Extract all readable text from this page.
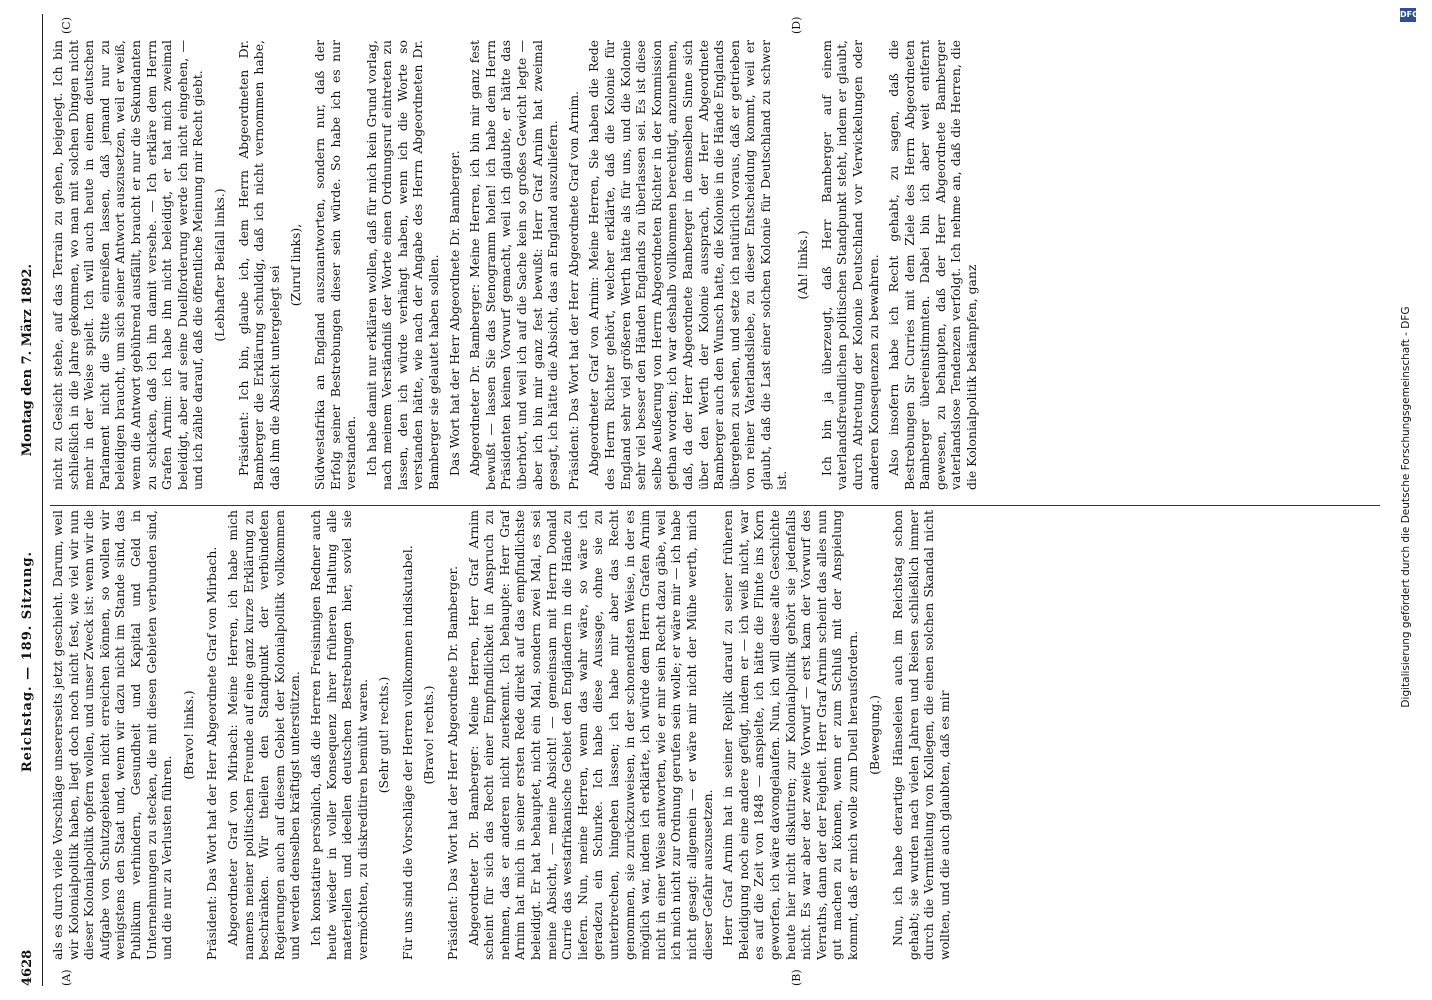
4628
Reichstag. — 189. Sitzung.
Montag den 7. März 1892.
(A)	(B)
(C)	(D)

als es durch viele Vorschläge unsererseits jetzt geschieht. Darum, weil wir Kolonialpolitik haben, liegt doch noch nicht fest, wie viel wir nun dieser Kolonialpolitik opfern wollen, und unser Zweck ist: wenn wir die Aufgabe von Schutzgebieten nicht erreichen können, so wollen wir wenigstens den Staat und, wenn wir dazu nicht im Stande sind, das Publikum verhindern, Gesundheit und Kapital und Geld in Unternehmungen zu stecken, die mit diesen Gebieten verbunden sind, und die nur zu Verlusten führen.

(Bravo! links.) Präsident: Das Wort hat der Herr Abgeordnete Graf von Mirbach. Abgeordneter Graf von Mirbach: Meine Herren, ich habe mich namens meiner politischen Freunde auf eine ganz kurze Erklärung zu beschränken. Wir theilen den Standpunkt der verbündeten Regierungen auch auf diesem Gebiet der Kolonialpolitik vollkommen und werden denselben kräftigst unterstützen. Ich konstatire persönlich, daß die Herren Freisinnigen Redner auch heute wieder in voller Konsequenz ihrer früheren Haltung alle materiellen und ideellen deutschen Bestrebungen hier, soviel sie vermöchten, zu diskreditiren bemüht waren. (Sehr gut! rechts.) Für uns sind die Vorschläge der Herren vollkommen indiskutabel. (Bravo! rechts.) Präsident: Das Wort hat der Herr Abgeordnete Dr. Bamberger. Abgeordneter Dr. Bamberger: Meine Herren, Herr Graf Arnim scheint für sich das Recht einer Empfindlichkeit in Anspruch zu nehmen, das er anderen nicht zuerkennt. Ich behaupte: Herr Graf Arnim hat mich in seiner ersten Rede direkt auf das empfindlichste beleidigt. Er hat behauptet, nicht ein Mal, sondern zwei Mal, es sei meine Absicht, — meine Absicht! — gemeinsam mit Herrn Donald Currie das westafrikanische Gebiet den Engländern in die Hände zu liefern. Nun, meine Herren, wenn das wahr wäre, so wäre ich geradezu ein Schurke. Ich habe diese Aussage, ohne sie zu unterbrechen, hingehen lassen; ich habe mir aber das Recht genommen, sie zurückzuweisen, in der schonendsten Weise, in der es möglich war, indem ich erklärte, ich würde dem Herrn Grafen Arnim nicht in einer Weise antworten, wie er mir sein Recht dazu gäbe, weil ich mich nicht zur Ordnung gerufen sein wolle; er wäre mir — ich habe nicht gesagt: allgemein — er wäre mir nicht der Mühe werth, mich dieser Gefahr auszusetzen. Herr Graf Arnim hat in seiner Replik darauf zu seiner früheren Beleidigung noch eine andere gefügt, indem er — ich weiß nicht, war es auf die Zeit von 1848 — anspielte, ich hätte die Flinte ins Korn geworfen, ich wäre davongelaufen. Nun, ich will diese alte Geschichte heute hier nicht diskutiren; zur Kolonialpolitik gehört sie jedenfalls nicht. Es war aber der zweite Vorwurf — erst kam der Vorwurf des Verraths, dann der der Feigheit. Herr Graf Arnim scheint das alles nun gut machen zu können, wenn er zum Schluß mit der Anspielung kommt, daß er mich wolle zum Duell herausfordern. (Bewegung.) Nun, ich habe derartige Hänseleien auch im Reichstag schon gehabt; sie wurden nach vielen Jahren und Reisen schließlich immer durch die Vermittelung von Kollegen, die einen solchen Skandal nicht wollten, und die auch glaubten, daß es mir

nicht zu Gesicht stehe, auf das Terrain zu gehen, beigelegt. Ich bin schließlich in die Jahre gekommen, wo man mit solchen Dingen nicht mehr in der Weise spielt. Ich will auch heute in einem deutschen Parlament nicht die Sitte einreißen lassen, daß jemand nur zu beleidigen braucht, um sich seiner Antwort auszusetzen, weil er weiß, wenn die Antwort gebührend ausfällt, braucht er nur die Sekundanten zu schicken, daß ich ihn damit versehe. — Ich erkläre dem Herrn Grafen Arnim: ich habe ihn nicht beleidigt, er hat mich zweimal beleidigt, aber auf seine Duellforderung werde ich nicht eingehen, — und ich zähle darauf, daß die öffentliche Meinung mir Recht giebt. (Lebhafter Beifall links.) Präsident: Ich bin, glaube ich, dem Herrn Abgeordneten Dr. Bamberger die Erklärung schuldig, daß ich nicht vernommen habe, daß ihm die Absicht untergelegt sei

(Zuruf links), Südwestafrika an England auszuantworten, sondern nur, daß der Erfolg seiner Bestrebungen dieser sein würde. So habe ich es nur verstanden. Ich habe damit nur erklären wollen, daß für mich kein Grund vorlag, nach meinem Verständniß der Worte einen Ordnungsruf eintreten zu lassen, den ich würde verhängt haben, wenn ich die Worte so verstanden hätte, wie nach der Angabe des Herrn Abgeordneten Dr. Bamberger sie gelautet haben sollen. Das Wort hat der Herr Abgeordnete Dr. Bamberger. Abgeordneter Dr. Bamberger: Meine Herren, ich bin mir ganz fest bewußt — lassen Sie das Stenogramm holen! ich habe dem Herrn Präsidenten keinen Vorwurf gemacht, weil ich glaubte, er hätte das überhört, und weil ich auf die Sache kein so großes Gewicht legte — aber ich bin mir ganz fest bewußt: Herr Graf Arnim hat zweimal gesagt, ich hätte die Absicht, das an England auszuliefern. Präsident: Das Wort hat der Herr Abgeordnete Graf von Arnim. Abgeordneter Graf von Arnim: Meine Herren, Sie haben die Rede des Herrn Richter gehört, welcher erklärte, daß die Kolonie für England sehr viel größeren Werth hätte als für uns, und die Kolonie sehr viel besser den Händen Englands zu überlassen sei. Es ist diese selbe Aeußerung von Herrn Abgeordneten Richter in der Kommission gethan worden; ich war deshalb vollkommen berechtigt, anzunehmen, daß, da der Herr Abgeordnete Bamberger in demselben Sinne sich über den Werth der Kolonie aussprach, der Herr Abgeordnete Bamberger auch den Wunsch hatte, die Kolonie in die Hände Englands übergehen zu sehen, und setze ich natürlich voraus, daß er getrieben von reiner Vaterlandsliebe, zu dieser Entscheidung kommt, weil er glaubt, daß die Last einer solchen Kolonie für Deutschland zu schwer ist.

(Ah! links.) Ich bin ja überzeugt, daß Herr Bamberger auf einem vaterlandsfreundlichen politischen Standpunkt steht, indem er glaubt, durch Abtretung der Kolonie Deutschland vor Verwickelungen oder anderen Konsequenzen zu bewahren. Also insofern habe ich Recht gehabt, zu sagen, daß die Bestrebungen Sir Curries mit dem Ziele des Herrn Abgeordneten Bamberger übereinstimmten. Dabei bin ich aber weit entfernt gewesen, zu behaupten, daß der Herr Abgeordnete Bamberger vaterlandslose Tendenzen verfolgt. Ich nehme an, daß die Herren, die die Kolonialpolitik bekämpfen, ganz

DFG
Digitalisierung gefördert durch die Deutsche Forschungsgemeinschaft - DFG
